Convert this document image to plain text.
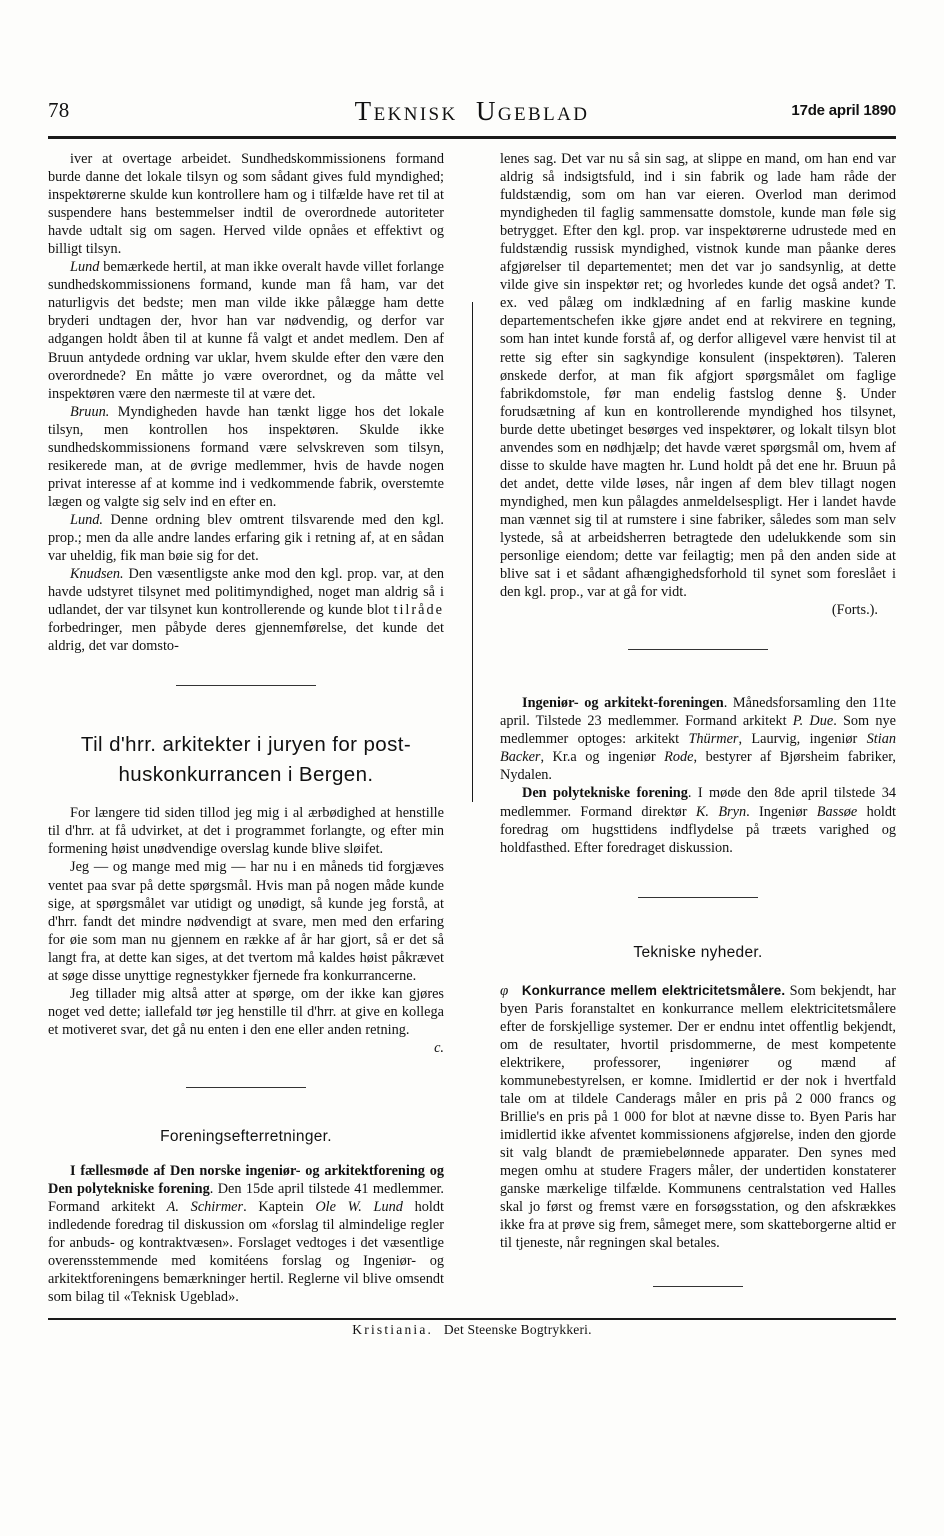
78	TEKNISK UGEBLAD	17de april 1890

iver at overtage arbeidet. Sundhedskommissionens formand burde danne det lokale tilsyn og som sådant gives fuld myndighed; inspektørerne skulde kun kontrollere ham og i tilfælde have ret til at suspendere hans bestemmelser indtil de overordnede autoriteter havde udtalt sig om sagen. Herved vilde opnåes et effektivt og billigt tilsyn.

Lund bemærkede hertil, at man ikke overalt havde villet forlange sundhedskommissionens formand, kunde man få ham, var det naturligvis det bedste; men man vilde ikke pålægge ham dette bryderi undtagen der, hvor han var nødvendig, og derfor var adgangen holdt åben til at kunne få valgt et andet medlem. Den af Bruun antydede ordning var uklar, hvem skulde efter den være den overordnede? En måtte jo være overordnet, og da måtte vel inspektøren være den nærmeste til at være det.

Bruun. Myndigheden havde han tænkt ligge hos det lokale tilsyn, men kontrollen hos inspektøren. Skulde ikke sundhedskommissionens formand være selvskreven som tilsyn, resikerede man, at de øvrige medlemmer, hvis de havde nogen privat interesse af at komme ind i vedkommende fabrik, overstemte lægen og valgte sig selv ind en efter en.

Lund. Denne ordning blev omtrent tilsvarende med den kgl. prop.; men da alle andre landes erfaring gik i retning af, at en sådan var uheldig, fik man bøie sig for det.

Knudsen. Den væsentligste anke mod den kgl. prop. var, at den havde udstyret tilsynet med politimyndighed, noget man aldrig så i udlandet, der var tilsynet kun kontrollerende og kunde blot tilråde forbedringer, men påbyde deres gjennemførelse, det kunde det aldrig, det var domsto-

Til d'hrr. arkitekter i juryen for post-
huskonkurrancen i Bergen.

For længere tid siden tillod jeg mig i al ærbødighed at henstille til d'hrr. at få udvirket, at det i programmet forlangte, og efter min formening høist unødvendige overslag kunde blive sløifet.

Jeg — og mange med mig — har nu i en måneds tid forgjæves ventet paa svar på dette spørgsmål. Hvis man på nogen måde kunde sige, at spørgsmålet var utidigt og unødigt, så kunde jeg forstå, at d'hrr. fandt det mindre nødvendigt at svare, men med den erfaring for øie som man nu gjennem en række af år har gjort, så er det så langt fra, at dette kan siges, at det tvertom må kaldes høist påkrævet at søge disse unyttige regnestykker fjernede fra konkurrancerne.

Jeg tillader mig altså atter at spørge, om der ikke kan gjøres noget ved dette; iallefald tør jeg henstille til d'hrr. at give en kollega et motiveret svar, det gå nu enten i den ene eller anden retning.

c.

Foreningsefterretninger.

I fællesmøde af Den norske ingeniør- og arkitektforening og Den polytekniske forening. Den 15de april tilstede 41 medlemmer. Formand arkitekt A. Schirmer. Kaptein Ole W. Lund holdt indledende foredrag til diskussion om «forslag til almindelige regler for anbuds- og kontraktvæsen». Forslaget vedtoges i det væsentlige overensstemmende med komitéens forslag og Ingeniør- og arkitektforeningens bemærkninger hertil. Reglerne vil blive omsendt som bilag til «Teknisk Ugeblad».

lenes sag. Det var nu så sin sag, at slippe en mand, om han end var aldrig så indsigtsfuld, ind i sin fabrik og lade ham råde der fuldstændig, som om han var eieren. Overlod man derimod myndigheden til faglig sammensatte domstole, kunde man føle sig betrygget. Efter den kgl. prop. var inspektørerne udrustede med en fuldstændig russisk myndighed, vistnok kunde man påanke deres afgjørelser til departementet; men det var jo sandsynlig, at dette vilde give sin inspektør ret; og hvorledes kunde det også andet? T. ex. ved pålæg om indklædning af en farlig maskine kunde departementschefen ikke gjøre andet end at rekvirere en tegning, som han intet kunde forstå af, og derfor alligevel være henvist til at rette sig efter sin sagkyndige konsulent (inspektøren). Taleren ønskede derfor, at man fik afgjort spørgsmålet om faglige fabrikdomstole, før man endelig fastslog denne §. Under forudsætning af kun en kontrollerende myndighed hos tilsynet, burde dette ubetinget besørges ved inspektører, og lokalt tilsyn blot anvendes som en nødhjælp; det havde været spørgsmål om, hvem af disse to skulde have magten hr. Lund holdt på det ene hr. Bruun på det andet, dette vilde løses, når ingen af dem blev tillagt nogen myndighed, men kun pålagdes anmeldelsespligt. Her i landet havde man vænnet sig til at rumstere i sine fabriker, således som man selv lystede, så at arbeidsherren betragtede den udelukkende som sin personlige eiendom; dette var feilagtig; men på den anden side at blive sat i et sådant afhængighedsforhold til synet som foreslået i den kgl. prop., var at gå for vidt.

(Forts.).

Ingeniør- og arkitekt-foreningen. Månedsforsamling den 11te april. Tilstede 23 medlemmer. Formand arkitekt P. Due. Som nye medlemmer optoges: arkitekt Thürmer, Laurvig, ingeniør Stian Backer, Kr.a og ingeniør Rode, bestyrer af Bjørsheim fabriker, Nydalen.

Den polytekniske forening. I møde den 8de april tilstede 34 medlemmer. Formand direktør K. Bryn. Ingeniør Bassøe holdt foredrag om hugsttidens indflydelse på træets varighed og holdfasthed. Efter foredraget diskussion.

Tekniske nyheder.

φ Konkurrance mellem elektricitetsmålere. Som bekjendt, har byen Paris foranstaltet en konkurrance mellem elektricitetsmålere efter de forskjellige systemer. Der er endnu intet offentlig bekjendt, om de resultater, hvortil prisdommerne, de mest kompetente elektrikere, professorer, ingeniører og mænd af kommunebestyrelsen, er komne. Imidlertid er der nok i hvertfald tale om at tildele Canderags måler en pris på 2 000 francs og Brillie's en pris på 1 000 for blot at nævne disse to. Byen Paris har imidlertid ikke afventet kommissionens afgjørelse, inden den gjorde sit valg blandt de præmiebelønnede apparater. Den synes med megen omhu at studere Fragers måler, der undertiden konstaterer ganske mærkelige tilfælde. Kommunens centralstation ved Halles skal jo først og fremst være en forsøgsstation, og den afskrækkes ikke fra at prøve sig frem, såmeget mere, som skatteborgerne altid er til tjeneste, når regningen skal betales.

Kristiania. Det Steenske Bogtrykkeri.
